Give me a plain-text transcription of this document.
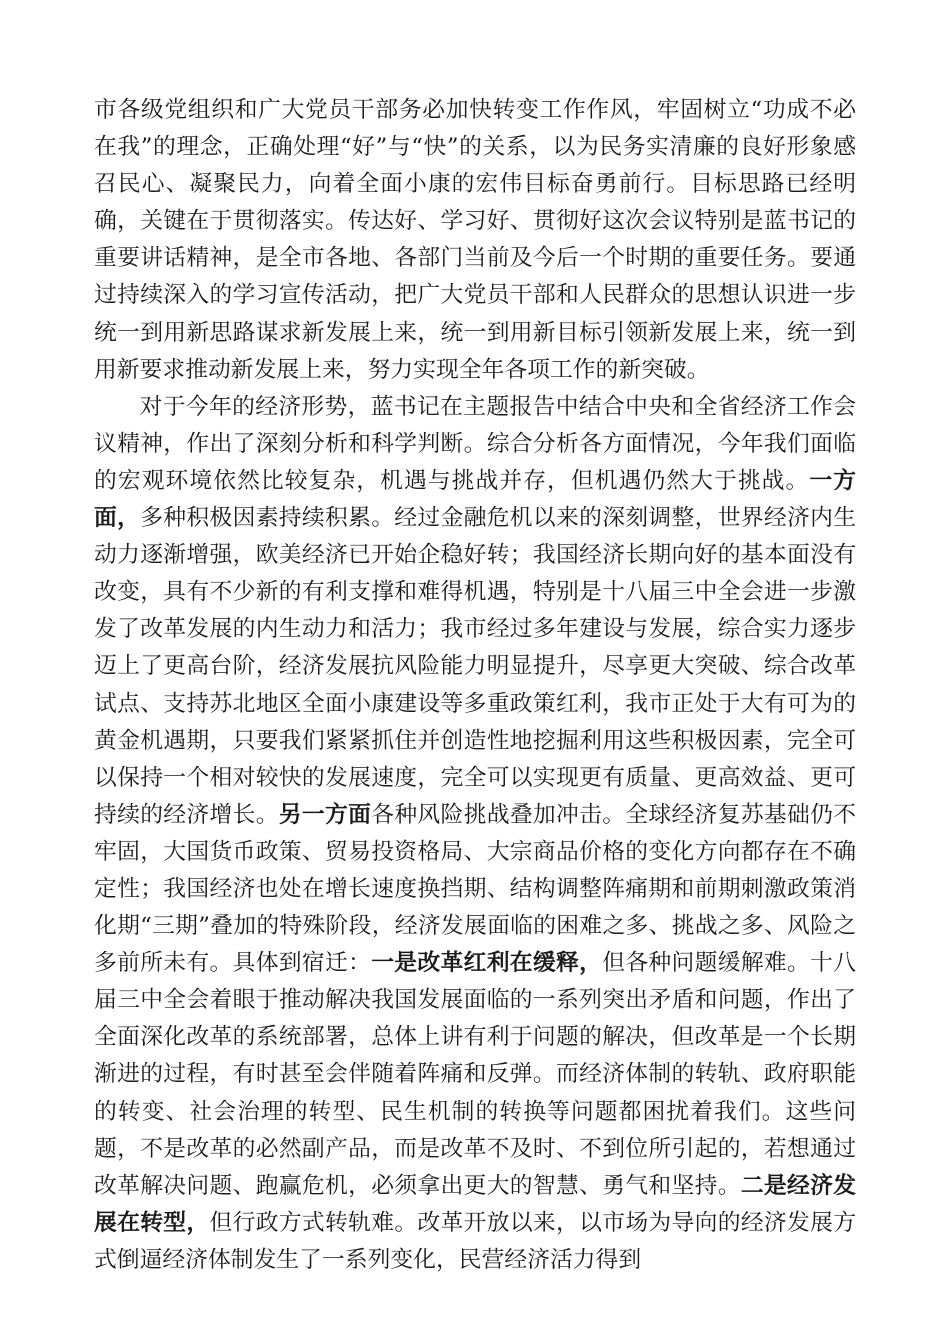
市各级党组织和广大党员干部务必加快转变工作作风，牢固树立“功成不必在我”的理念，正确处理“好”与“快”的关系，以为民务实清廉的良好形象感召民心、凝聚民力，向着全面小康的宏伟目标奋勇前行。目标思路已经明确，关键在于贯彻落实。传达好、学习好、贯彻好这次会议特别是蓝书记的重要讲话精神，是全市各地、各部门当前及今后一个时期的重要任务。要通过持续深入的学习宣传活动，把广大党员干部和人民群众的思想认识进一步统一到用新思路谋求新发展上来，统一到用新目标引领新发展上来，统一到用新要求推动新发展上来，努力实现全年各项工作的新突破。

对于今年的经济形势，蓝书记在主题报告中结合中央和全省经济工作会议精神，作出了深刻分析和科学判断。综合分析各方面情况，今年我们面临的宏观环境依然比较复杂，机遇与挑战并存，但机遇仍然大于挑战。一方面，多种积极因素持续积累。经过金融危机以来的深刻调整，世界经济内生动力逐渐增强，欧美经济已开始企稳好转；我国经济长期向好的基本面没有改变，具有不少新的有利支撑和难得机遇，特别是十八届三中全会进一步激发了改革发展的内生动力和活力；我市经过多年建设与发展，综合实力逐步迈上了更高台阶，经济发展抗风险能力明显提升，尽享更大突破、综合改革试点、支持苏北地区全面小康建设等多重政策红利，我市正处于大有可为的黄金机遇期，只要我们紧紧抓住并创造性地挖掘利用这些积极因素，完全可以保持一个相对较快的发展速度，完全可以实现更有质量、更高效益、更可持续的经济增长。另一方面各种风险挑战叠加冲击。全球经济复苏基础仍不牢固，大国货币政策、贸易投资格局、大宗商品价格的变化方向都存在不确定性；我国经济也处在增长速度换挡期、结构调整阵痛期和前期刺激政策消化期“三期”叠加的特殊阶段，经济发展面临的困难之多、挑战之多、风险之多前所未有。具体到宿迁：一是改革红利在缓释，但各种问题缓解难。十八届三中全会着眼于推动解决我国发展面临的一系列突出矛盾和问题，作出了全面深化改革的系统部署，总体上讲有利于问题的解决，但改革是一个长期渐进的过程，有时甚至会伴随着阵痛和反弹。而经济体制的转轨、政府职能的转变、社会治理的转型、民生机制的转换等问题都困扰着我们。这些问题，不是改革的必然副产品，而是改革不及时、不到位所引起的，若想通过改革解决问题、跑赢危机，必须拿出更大的智慧、勇气和坚持。二是经济发展在转型，但行政方式转轨难。改革开放以来，以市场为导向的经济发展方式倒逼经济体制发生了一系列变化，民营经济活力得到
